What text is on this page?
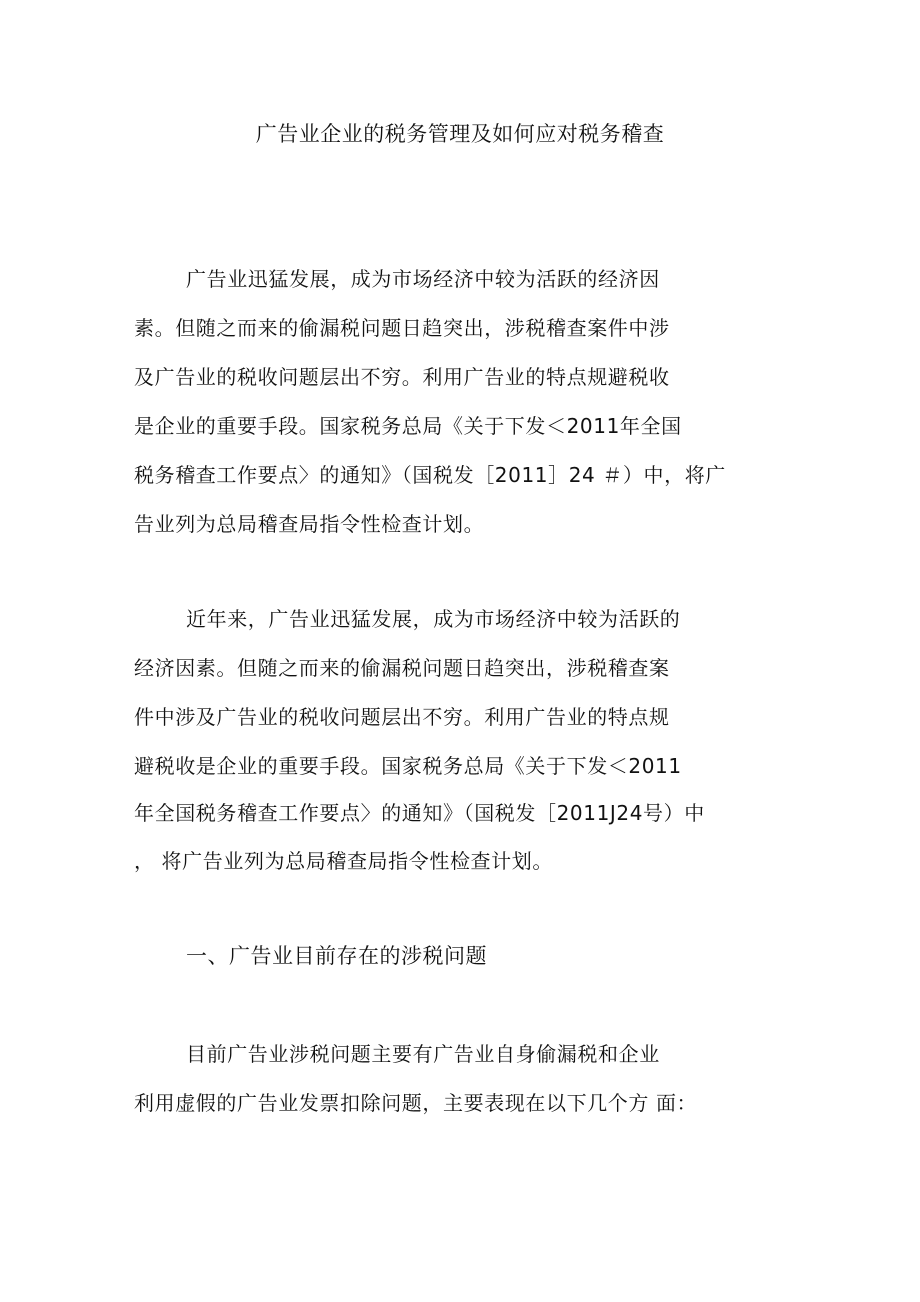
广告业企业的税务管理及如何应对税务稽查
广告业迅猛发展，成为市场经济中较为活跃的经济因
素。但随之而来的偷漏税问题日趋突出，涉税稽查案件中涉
及广告业的税收问题层出不穷。利用广告业的特点规避税收
是企业的重要手段。国家税务总局《关于下发＜2011年全国
税务稽查工作要点〉的通知》（国税发［2011］24 ＃）中，将广
告业列为总局稽查局指令性检查计划。
近年来，广告业迅猛发展，成为市场经济中较为活跃的
经济因素。但随之而来的偷漏税问题日趋突出，涉税稽查案
件中涉及广告业的税收问题层出不穷。利用广告业的特点规
避税收是企业的重要手段。国家税务总局《关于下发＜2011
年全国税务稽查工作要点〉的通知》（国税发［2011J24号）中
， 将广告业列为总局稽查局指令性检查计划。
一、广告业目前存在的涉税问题
目前广告业涉税问题主要有广告业自身偷漏税和企业
利用虚假的广告业发票扣除问题，主要表现在以下几个方 面：
